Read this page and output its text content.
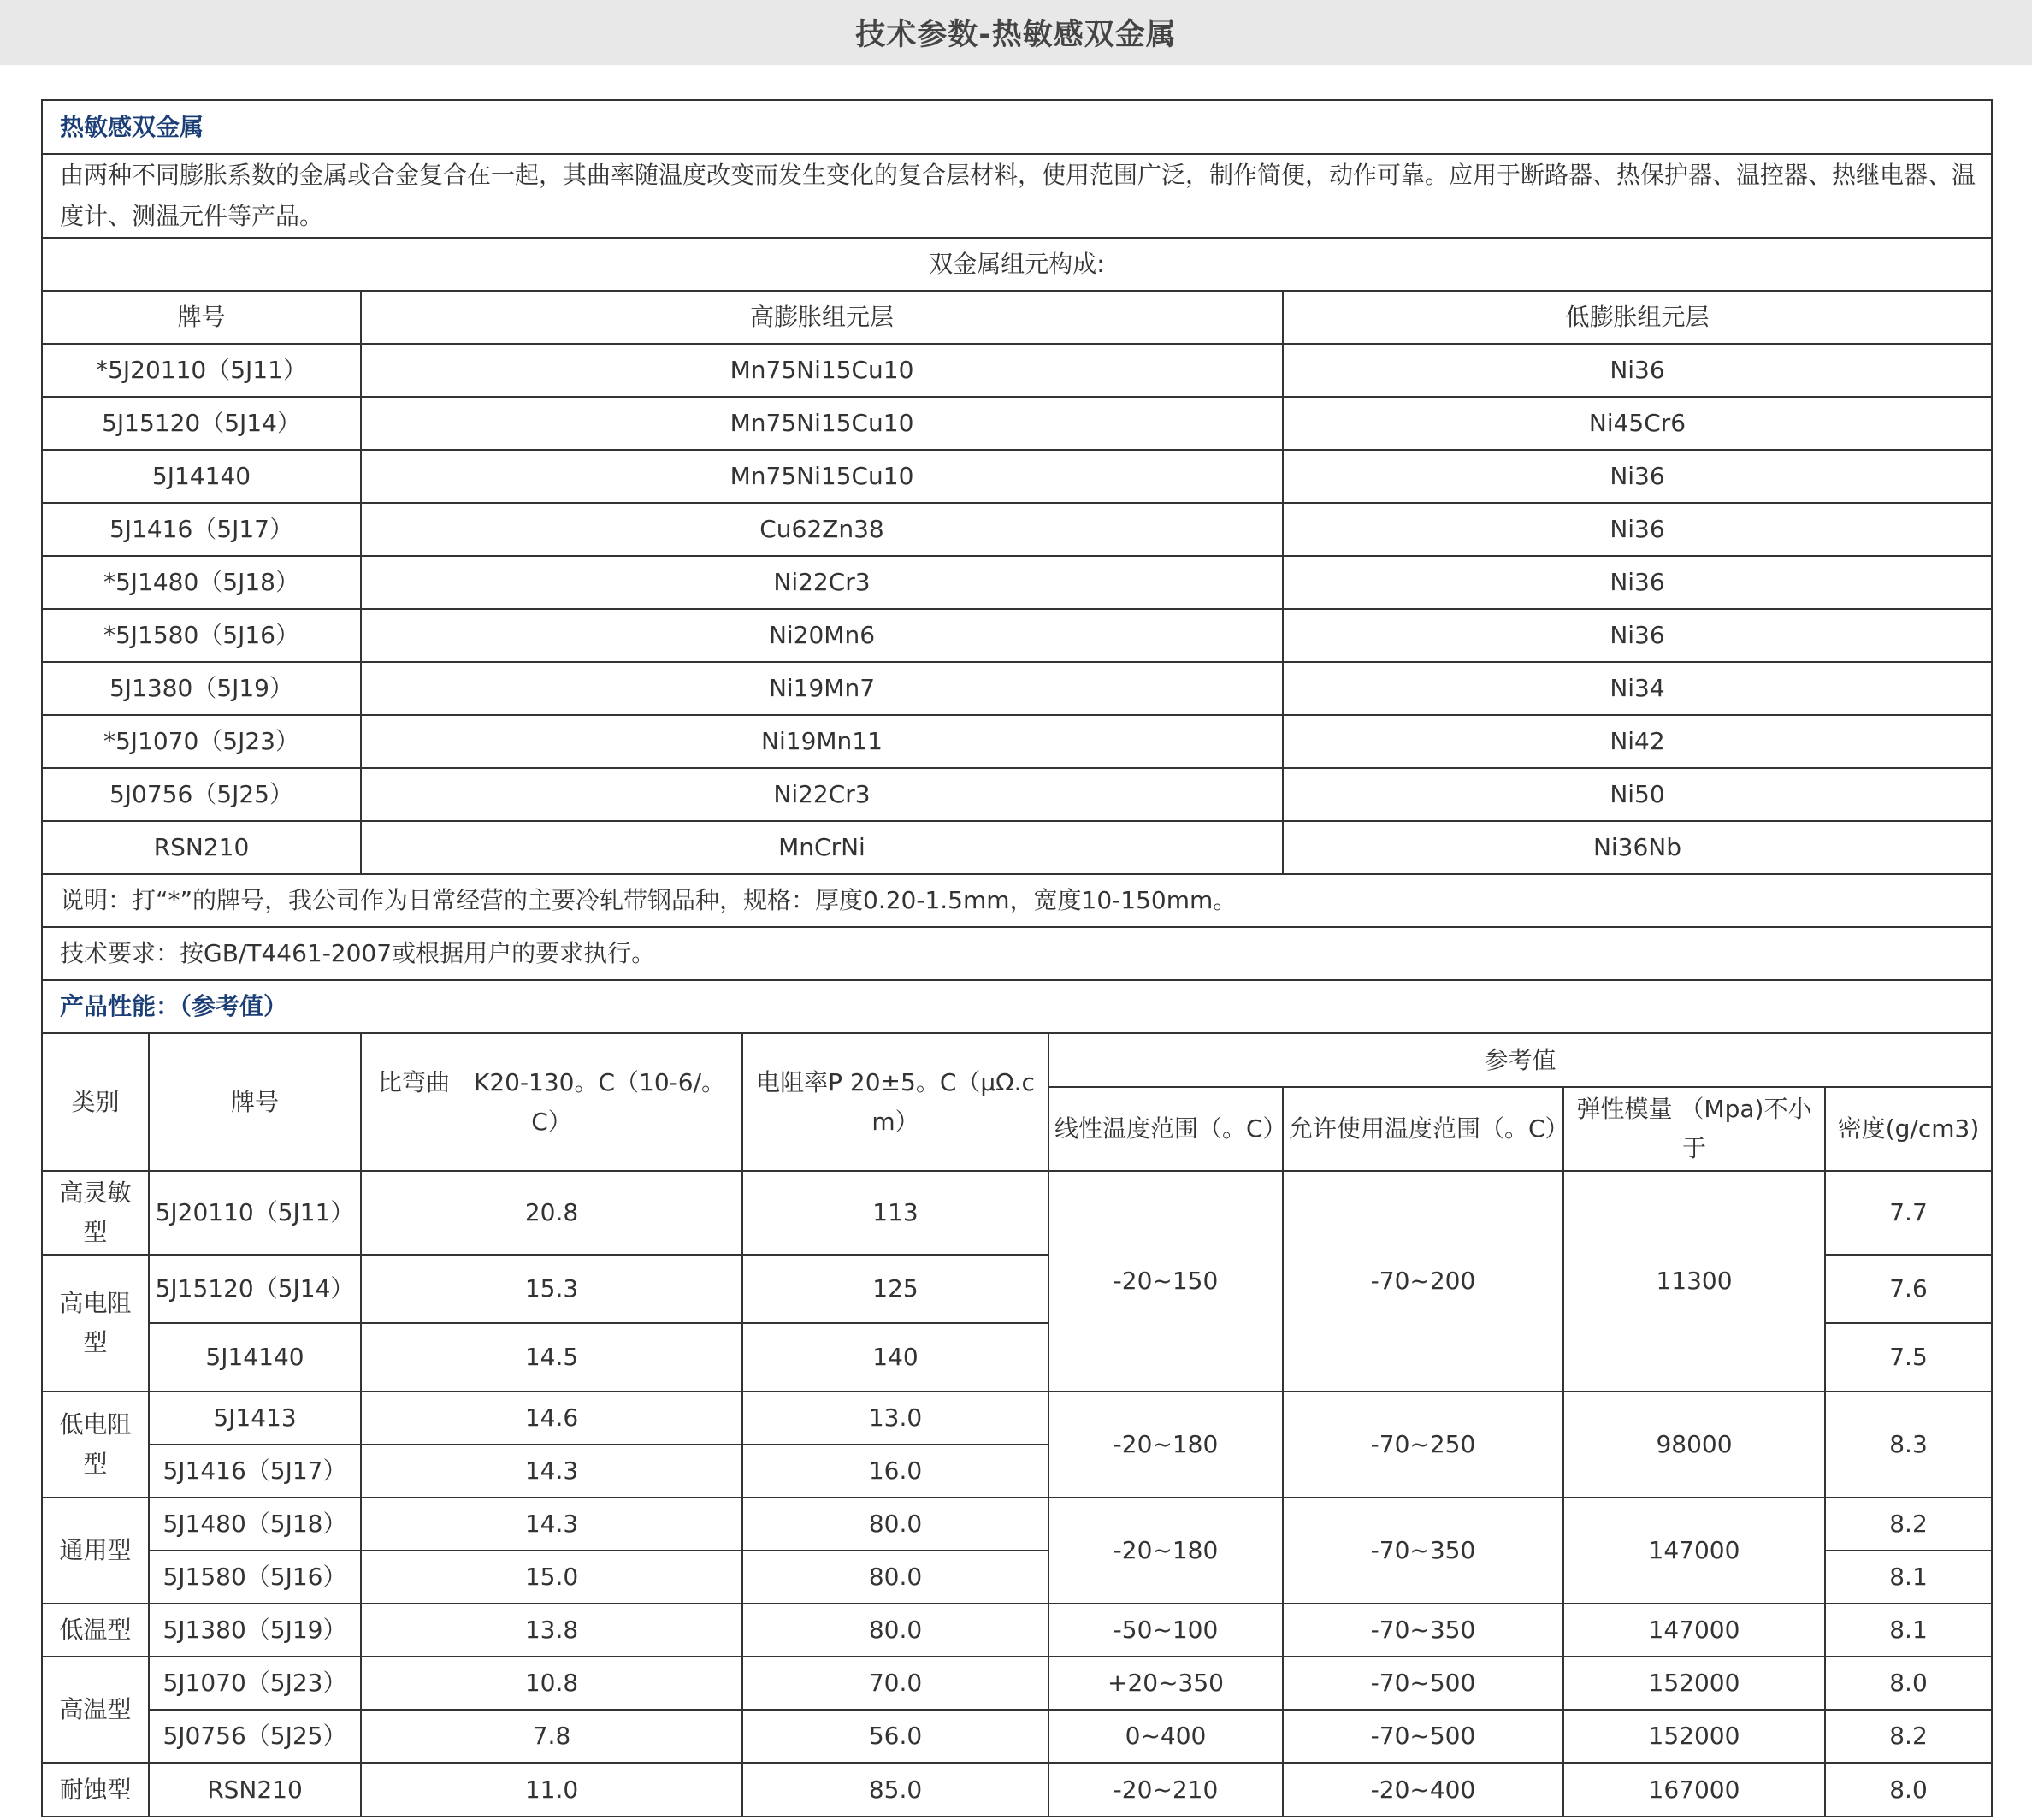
技术参数-热敏感双金属
热敏感双金属		
由两种不同膨胀系数的金属或合金复合在一起，其曲率随温度改变而发生变化的复合层材料，使用范围广泛，制作简便，动作可靠。应用于断路器、热保护器、温控器、热继电器、温度计、测温元件等产品。		
双金属组元构成:		
牌号	高膨胀组元层	低膨胀组元层
*5J20110（5J11）	Mn75Ni15Cu10	Ni36
5J15120（5J14）	Mn75Ni15Cu10	Ni45Cr6
5J14140	Mn75Ni15Cu10	Ni36
5J1416（5J17）	Cu62Zn38	Ni36
*5J1480（5J18）	Ni22Cr3	Ni36
*5J1580（5J16）	Ni20Mn6	Ni36
5J1380（5J19）	Ni19Mn7	Ni34
*5J1070（5J23）	Ni19Mn11	Ni42
5J0756（5J25）	Ni22Cr3	Ni50
RSN210	MnCrNi	Ni36Nb
说明：打“*”的牌号，我公司作为日常经营的主要冷轧带钢品种，规格：厚度0.20-1.5mm，宽度10-150mm。		
技术要求：按GB/T4461-2007或根据用户的要求执行。		
产品性能：（参考值）		
类别	牌号	比弯曲　K20-130。C（10-6/。C）	电阻率P 20±5。C（μΩ.cm）	参考值			
				线性温度范围（。C）	允许使用温度范围（。C）	弹性模量 （Mpa)不小于	密度(g/cm3)
高灵敏型	5J20110（5J11）	20.8	113	-20~150	-70~200	11300	7.7
高电阻型	5J15120（5J14）	15.3	125				7.6
	5J14140	14.5	140				7.5
低电阻型	5J1413	14.6	13.0	-20~180	-70~250	98000	8.3
	5J1416（5J17）	14.3	16.0				
通用型	5J1480（5J18）	14.3	80.0	-20~180	-70~350	147000	8.2
	5J1580（5J16）	15.0	80.0				8.1
低温型	5J1380（5J19）	13.8	80.0	-50~100	-70~350	147000	8.1
高温型	5J1070（5J23）	10.8	70.0	+20~350	-70~500	152000	8.0
	5J0756（5J25）	7.8	56.0	0~400	-70~500	152000	8.2
耐蚀型	RSN210	11.0	85.0	-20~210	-20~400	167000	8.0
